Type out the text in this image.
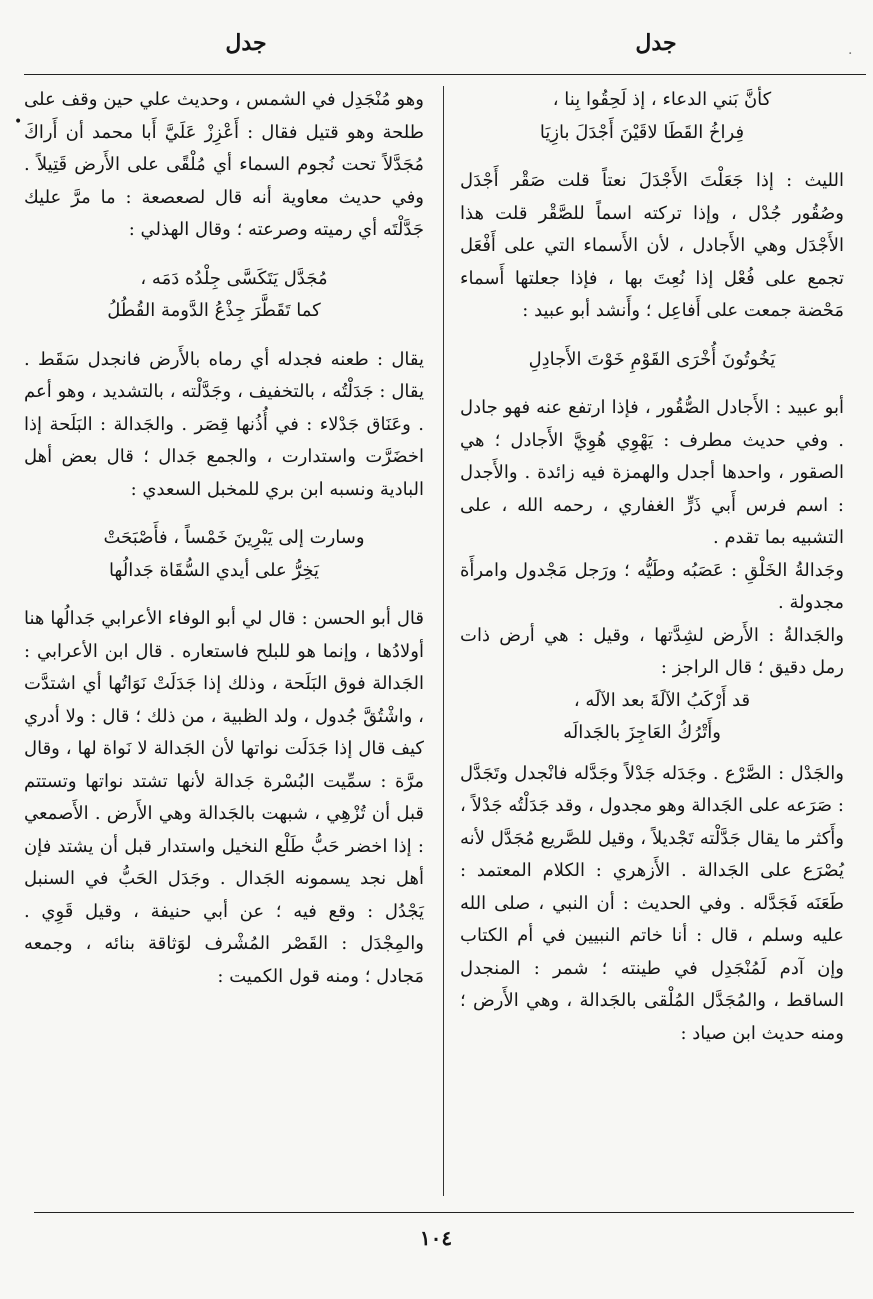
·
•
جدل
جدل

كأنَّ بَني الدعاء ، إذ لَحِقُوا بِنا ،

فِراخُ القَطَا لاقَيْنَ أَجْدَلَ بازِيَا

الليث : إذا جَعَلْتَ الأَجْدَلَ نعتاً قلت صَقْر أَجْدَل وصُقُور جُدْل ، وإذا تركته اسماً للصَّقْر قلت هذا الأَجْدَل وهي الأَجادل ، لأن الأَسماء التي على أَفْعَل تجمع على فُعْل إذا نُعِتَ بها ، فإذا جعلتها أَسماء مَحْضة جمعت على أَفاعِل ؛ وأَنشد أبو عبيد :

يَخُوتُونَ أُخْرَى القَوْمِ خَوْتَ الأَجادِلِ

أبو عبيد : الأَجادل الصُّقُور ، فإذا ارتفع عنه فهو جادل . وفي حديث مطرف : يَهْوِي هُوِيَّ الأَجادل ؛ هي الصقور ، واحدها أجدل والهمزة فيه زائدة . والأَجدل : اسم فرس أَبي ذَرٍّ الغفاري ، رحمه الله ، على التشبيه بما تقدم .

وجَدالةُ الخَلْقِ : عَصَبُه وطَيُّه ؛ ورَجل مَجْدول وامرأَة مجدولة .

والجَدالةُ : الأَرض لشِدَّتها ، وقيل : هي أرض ذات رمل دقيق ؛ قال الراجز :

قد أَرْكَبُ الآلَةَ بعد الآلَه ،

وأَتْرُكُ العَاجِزَ بالجَدالَه

والجَدْل : الصَّرْع . وجَدَله جَدْلاً وجَدَّله فانْجدل وتَجَدَّل : صَرَعه على الجَدالة وهو مجدول ، وقد جَدَلْتُه جَدْلاً ، وأَكثر ما يقال جَدَّلْته تَجْديلاً ، وقيل للصَّريع مُجَدَّل لأنه يُصْرَع على الجَدالة . الأَزهري : الكلام المعتمد : طَعَنَه فَجَدَّله . وفي الحديث : أن النبي ، صلى الله عليه وسلم ، قال : أنا خاتم النبيين في أم الكتاب وإن آدم لَمُنْجَدِل في طينته ؛ شمر : المنجدل الساقط ، والمُجَدَّل المُلْقى بالجَدالة ، وهي الأَرض ؛ ومنه حديث ابن صياد :

وهو مُنْجَدِل في الشمس ، وحديث علي حين وقف على طلحة وهو قتيل فقال : أَعْزِزْ عَلَيَّ أَبا محمد أن أَراكَ مُجَدَّلاً تحت نُجوم السماء أي مُلْقًى على الأَرض قَتِيلاً . وفي حديث معاوية أنه قال لصعصعة : ما مرَّ عليك جَدَّلْتَه أي رميته وصرعته ؛ وقال الهذلي :

مُجَدَّل يَتَكَسَّى جِلْدُه دَمَه ،

كما تَقَطَّرَ جِذْعُ الدَّومة القُطُلُ

يقال : طعنه فجدله أي رماه بالأَرض فانجدل سَقَط . يقال : جَدَلْتُه ، بالتخفيف ، وجَدَّلْته ، بالتشديد ، وهو أعم . وعَنَاق جَدْلاء : في أُذُنها قِصَر . والجَدالة : البَلَحة إذا اخضَرَّت واستدارت ، والجمع جَدال ؛ قال بعض أهل البادية ونسبه ابن بري للمخبل السعدي :

وسارت إلى يَبْرِينَ خَمْساً ، فأَصْبَحَتْ

يَخِرُّ على أيدي السُّقَاة جَدالُها

قال أبو الحسن : قال لي أبو الوفاء الأعرابي جَدالُها هنا أولادُها ، وإنما هو للبلح فاستعاره . قال ابن الأعرابي : الجَدالة فوق البَلَحة ، وذلك إذا جَدَلَتْ نَوَاتُها أي اشتدَّت ، واشْتُقَّ جُدول ، ولد الظبية ، من ذلك ؛ قال : ولا أدري كيف قال إذا جَدَلَت نواتها لأن الجَدالة لا نَواة لها ، وقال مرَّة : سمِّيت البُسْرة جَدالة لأنها تشتد نواتها وتستتم قبل أن تُزْهِي ، شبهت بالجَدالة وهي الأَرض . الأَصمعي : إذا اخضر حَبُّ طَلْع النخيل واستدار قبل أن يشتد فإن أهل نجد يسمونه الجَدال . وجَدَل الحَبُّ في السنبل يَجْدُل : وقع فيه ؛ عن أبي حنيفة ، وقيل قَوِي . والمِجْدَل : القَصْر المُشْرف لوَثاقة بنائه ، وجمعه مَجادل ؛ ومنه قول الكميت :

١٠٤
